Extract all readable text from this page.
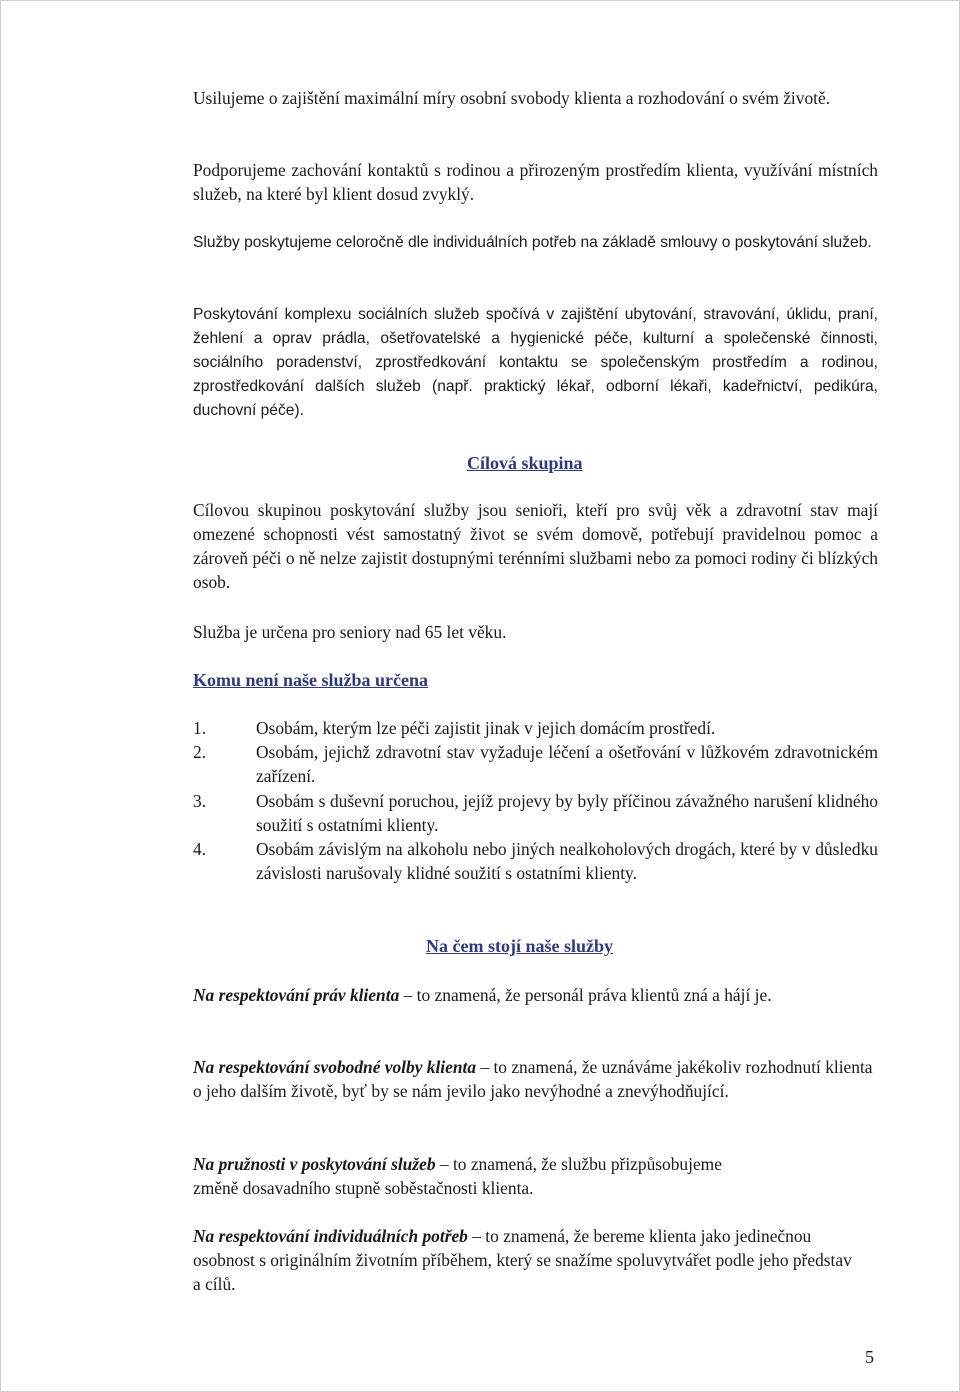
Usilujeme o zajištění maximální míry osobní svobody klienta a rozhodování o svém životě.

Podporujeme zachování kontaktů s rodinou a přirozeným prostředím klienta, využívání místních služeb, na které byl klient dosud zvyklý.

Služby poskytujeme celoročně dle individuálních potřeb na základě smlouvy o poskytování služeb.

Poskytování komplexu sociálních služeb spočívá v zajištění ubytování, stravování, úklidu, praní, žehlení a oprav prádla, ošetřovatelské a hygienické péče, kulturní a společenské činnosti, sociálního poradenství, zprostředkování kontaktu se společenským prostředím a rodinou, zprostředkování dalších služeb (např. praktický lékař, odborní lékaři, kadeřnictví, pedikúra, duchovní péče).

Cílová skupina

Cílovou skupinou poskytování služby jsou senioři, kteří pro svůj věk a zdravotní stav mají omezené schopnosti vést samostatný život se svém domově, potřebují pravidelnou pomoc a zároveň péči o ně nelze zajistit dostupnými terénními službami nebo za pomoci rodiny či blízkých osob.

Služba je určena pro seniory nad 65 let věku.

Komu není naše služba určena
1.	Osobám, kterým lze péči zajistit jinak v jejich domácím prostředí.

2.	Osobám, jejichž zdravotní stav vyžaduje léčení a ošetřování v lůžkovém zdravotnickém zařízení.

3.	Osobám s duševní poruchou, jejíž projevy by byly příčinou závažného narušení klidného soužití s ostatními klienty.

4.	Osobám závislým na alkoholu nebo jiných nealkoholových drogách, které by v důsledku závislosti narušovaly klidné soužití s ostatními klienty.

Na čem stojí naše služby

Na respektování práv klienta – to znamená, že personál práva klientů zná a hájí je.

Na respektování svobodné volby klienta – to znamená, že uznáváme jakékoliv rozhodnutí klienta o jeho dalším životě, byť by se nám jevilo jako nevýhodné a znevýhodňující.

Na pružnosti v poskytování služeb – to znamená, že službu přizpůsobujeme změně dosavadního stupně soběstačnosti klienta.

Na respektování individuálních potřeb – to znamená, že bereme klienta jako jedinečnou osobnost s originálním životním příběhem, který se snažíme spoluvytvářet podle jeho představ a cílů.

5
